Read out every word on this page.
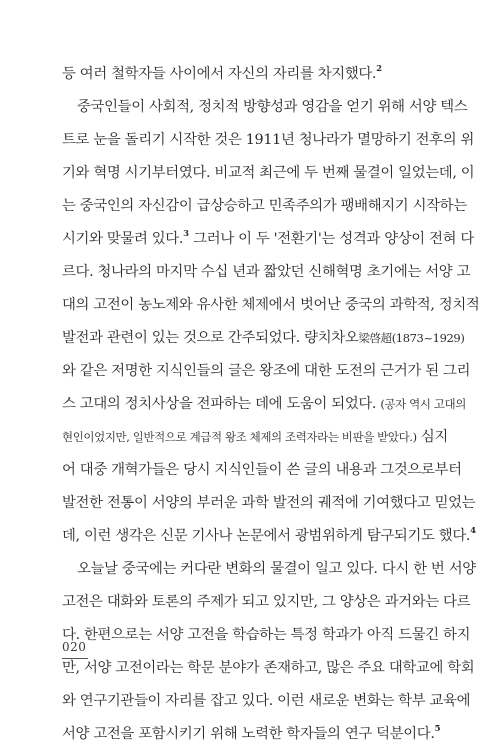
등 여러 철학자들 사이에서 자신의 자리를 차지했다.$^2$
중국인들이 사회적, 정치적 방향성과 영감을 얻기 위해 서양 텍스
트로 눈을 돌리기 시작한 것은 1911년 청나라가 멸망하기 전후의 위
기와 혁명 시기부터였다. 비교적 최근에 두 번째 물결이 일었는데, 이
는 중국인의 자신감이 급상승하고 민족주의가 팽배해지기 시작하는
시기와 맞물려 있다.$^3$ 그러나 이 두 '전환기'는 성격과 양상이 전혀 다
르다. 청나라의 마지막 수십 년과 짧았던 신해혁명 초기에는 서양 고
대의 고전이 농노제와 유사한 체제에서 벗어난 중국의 과학적, 정치적
발전과 관련이 있는 것으로 간주되었다. 량치차오梁啓超(1873~1929)
와 같은 저명한 지식인들의 글은 왕조에 대한 도전의 근거가 된 그리
스 고대의 정치사상을 전파하는 데에 도움이 되었다. (공자 역시 고대의
현인이었지만, 일반적으로 계급적 왕조 체제의 조력자라는 비판을 받았다.) 심지
어 대중 개혁가들은 당시 지식인들이 쓴 글의 내용과 그것으로부터
발전한 전통이 서양의 부러운 과학 발전의 궤적에 기여했다고 믿었는
데, 이런 생각은 신문 기사나 논문에서 광범위하게 탐구되기도 했다.$^4$
오늘날 중국에는 커다란 변화의 물결이 일고 있다. 다시 한 번 서양
고전은 대화와 토론의 주제가 되고 있지만, 그 양상은 과거와는 다르
다. 한편으로는 서양 고전을 학습하는 특정 학과가 아직 드물긴 하지
만, 서양 고전이라는 학문 분야가 존재하고, 많은 주요 대학교에 학회
와 연구기관들이 자리를 잡고 있다. 이런 새로운 변화는 학부 교육에
서양 고전을 포함시키기 위해 노력한 학자들의 연구 덕분이다.$^5$
020
